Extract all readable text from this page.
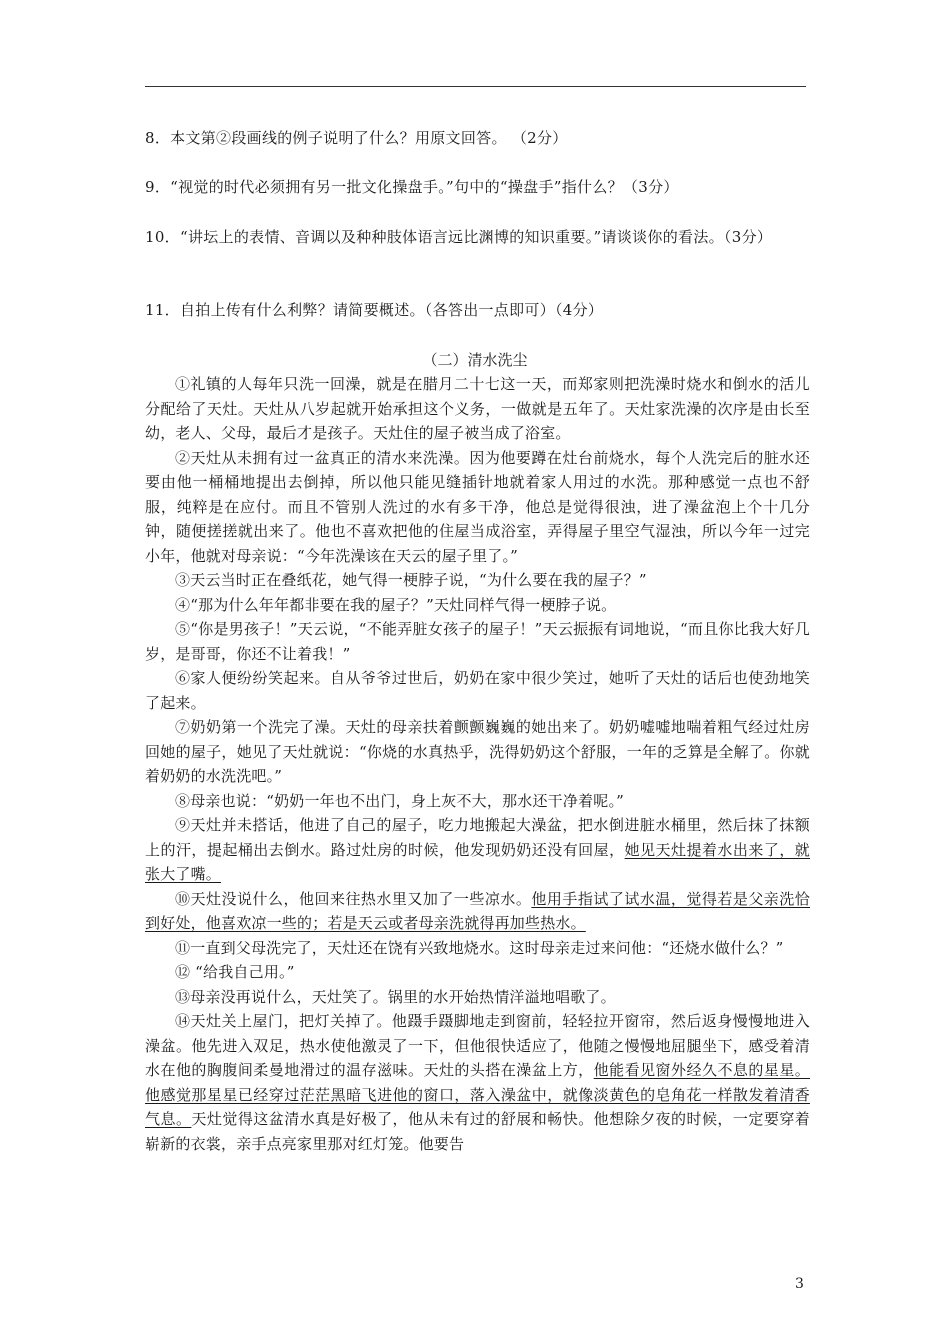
8．本文第②段画线的例子说明了什么？用原文回答。 （2分）
9．“视觉的时代必须拥有另一批文化操盘手。”句中的“操盘手”指什么？（3分）
10．“讲坛上的表情、音调以及种种肢体语言远比渊博的知识重要。”请谈谈你的看法。（3分）
11．自拍上传有什么利弊？请简要概述。（各答出一点即可）（4分）
（二）清水洗尘

①礼镇的人每年只洗一回澡，就是在腊月二十七这一天，而郑家则把洗澡时烧水和倒水的活儿分配给了天灶。天灶从八岁起就开始承担这个义务，一做就是五年了。天灶家洗澡的次序是由长至幼，老人、父母，最后才是孩子。天灶住的屋子被当成了浴室。

②天灶从未拥有过一盆真正的清水来洗澡。因为他要蹲在灶台前烧水，每个人洗完后的脏水还要由他一桶桶地提出去倒掉，所以他只能见缝插针地就着家人用过的水洗。那种感觉一点也不舒服，纯粹是在应付。而且不管别人洗过的水有多干净，他总是觉得很浊，进了澡盆泡上个十几分钟，随便搓搓就出来了。他也不喜欢把他的住屋当成浴室，弄得屋子里空气湿浊，所以今年一过完小年，他就对母亲说：“今年洗澡该在天云的屋子里了。”

③天云当时正在叠纸花，她气得一梗脖子说，“为什么要在我的屋子？”

④“那为什么年年都非要在我的屋子？”天灶同样气得一梗脖子说。

⑤“你是男孩子！”天云说，“不能弄脏女孩子的屋子！”天云振振有词地说，“而且你比我大好几岁，是哥哥，你还不让着我！”

⑥家人便纷纷笑起来。自从爷爷过世后，奶奶在家中很少笑过，她听了天灶的话后也使劲地笑了起来。

⑦奶奶第一个洗完了澡。天灶的母亲扶着颤颤巍巍的她出来了。奶奶嘘嘘地喘着粗气经过灶房回她的屋子，她见了天灶就说：“你烧的水真热乎，洗得奶奶这个舒服，一年的乏算是全解了。你就着奶奶的水洗洗吧。”

⑧母亲也说：“奶奶一年也不出门，身上灰不大，那水还干净着呢。”

⑨天灶并未搭话，他进了自己的屋子，吃力地搬起大澡盆，把水倒进脏水桶里，然后抹了抹额上的汗，提起桶出去倒水。路过灶房的时候，他发现奶奶还没有回屋，她见天灶提着水出来了，就张大了嘴。

⑩天灶没说什么，他回来往热水里又加了一些凉水。他用手指试了试水温，觉得若是父亲洗恰到好处，他喜欢凉一些的；若是天云或者母亲洗就得再加些热水。

⑪一直到父母洗完了，天灶还在饶有兴致地烧水。这时母亲走过来问他：“还烧水做什么？”

⑫ “给我自己用。”

⑬母亲没再说什么，天灶笑了。锅里的水开始热情洋溢地唱歌了。

⑭天灶关上屋门，把灯关掉了。他蹑手蹑脚地走到窗前，轻轻拉开窗帘，然后返身慢慢地进入澡盆。他先进入双足，热水使他激灵了一下，但他很快适应了，他随之慢慢地屈腿坐下，感受着清水在他的胸腹间柔曼地滑过的温存滋味。天灶的头搭在澡盆上方，他能看见窗外经久不息的星星。他感觉那星星已经穿过茫茫黑暗飞进他的窗口，落入澡盆中，就像淡黄色的皂角花一样散发着清香气息。天灶觉得这盆清水真是好极了，他从未有过的舒展和畅快。他想除夕夜的时候，一定要穿着崭新的衣裳，亲手点亮家里那对红灯笼。他要告

3
